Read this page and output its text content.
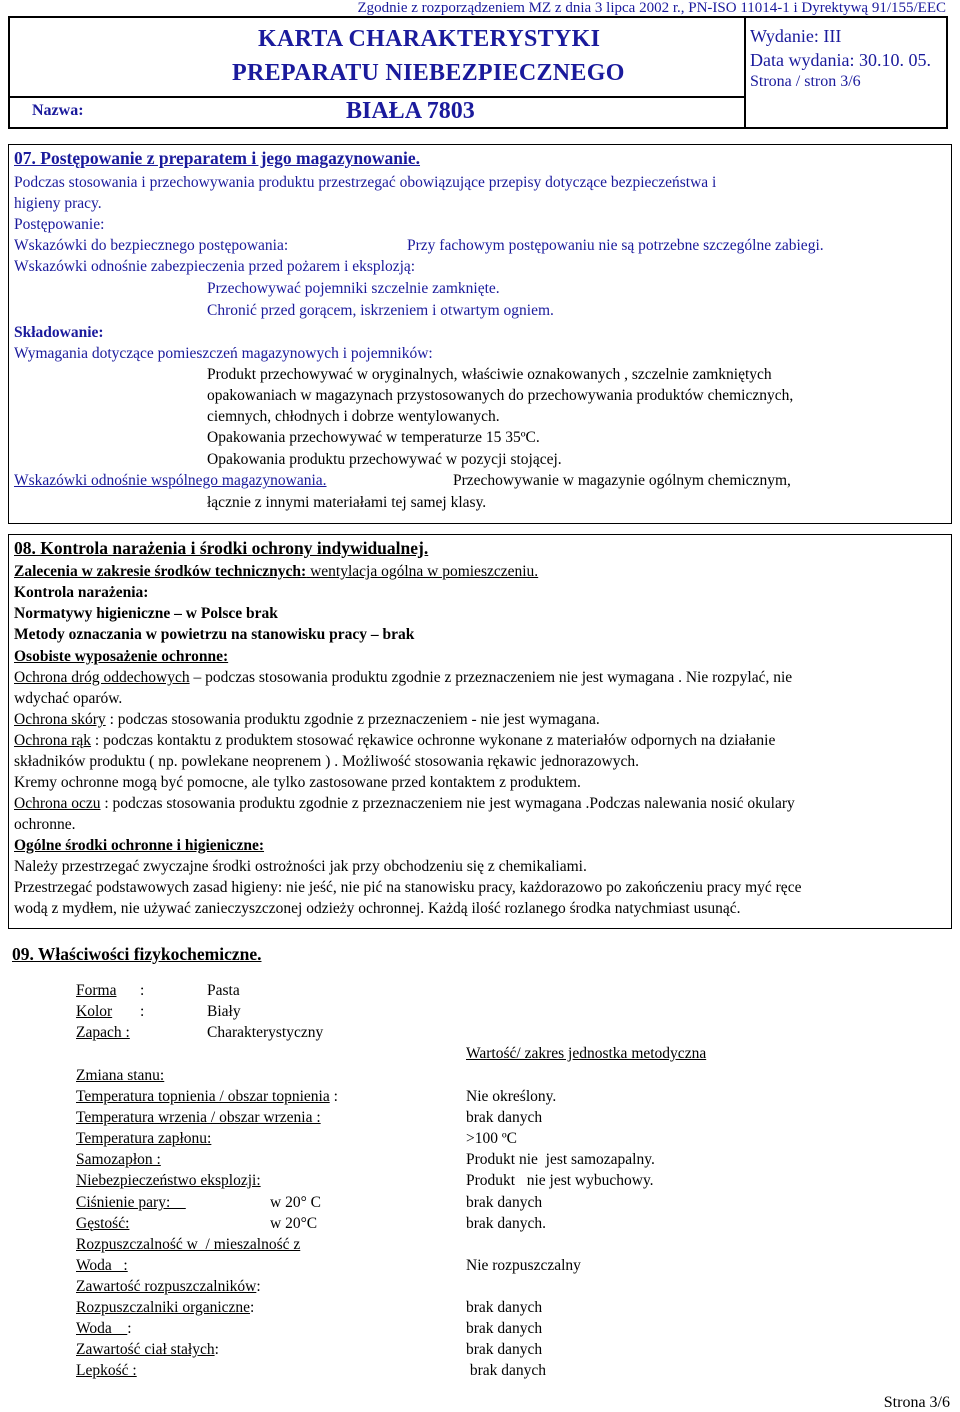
Zgodnie z rozporządzeniem MZ z dnia 3 lipca 2002 r., PN-ISO 11014-1 i Dyrektywą 91/155/EEC
KARTA CHARAKTERYSTYKI
PREPARATU NIEBEZPIECZNEGO
Nazwa:	BIAŁA 7803
Wydanie: III
Data wydania: 30.10. 05.
Strona / stron 3/6
07. Postępowanie z preparatem i jego magazynowanie.
Podczas stosowania i przechowywania produktu przestrzegać obowiązujące przepisy dotyczące bezpieczeństwa i
higieny pracy.
Postępowanie:
Wskazówki do bezpiecznego postępowania:	Przy fachowym postępowaniu nie są potrzebne szczególne zabiegi.
Wskazówki odnośnie zabezpieczenia przed pożarem i eksplozją:
Przechowywać pojemniki szczelnie zamknięte.
Chronić przed gorącem, iskrzeniem i otwartym ogniem.
Składowanie:
Wymagania dotyczące pomieszczeń magazynowych i pojemników:
Produkt przechowywać w oryginalnych, właściwie oznakowanych , szczelnie zamkniętych
opakowaniach w magazynach przystosowanych do przechowywania produktów chemicznych,
ciemnych, chłodnych i dobrze wentylowanych.
Opakowania przechowywać w temperaturze 15 35ºC.
Opakowania produktu przechowywać w pozycji stojącej.
Wskazówki odnośnie wspólnego magazynowania.	Przechowywanie w magazynie ogólnym chemicznym,
łącznie z innymi materiałami tej samej klasy.
08. Kontrola narażenia i środki ochrony indywidualnej.
Zalecenia w zakresie środków technicznych: wentylacja ogólna w pomieszczeniu.
Kontrola narażenia:
Normatywy higieniczne – w Polsce brak
Metody oznaczania w powietrzu na stanowisku pracy – brak
Osobiste wyposażenie ochronne:
Ochrona dróg oddechowych – podczas stosowania produktu zgodnie z przeznaczeniem nie jest wymagana . Nie rozpylać, nie
wdychać oparów.
Ochrona skóry : podczas stosowania produktu zgodnie z przeznaczeniem - nie jest wymagana.
Ochrona rąk : podczas kontaktu z produktem stosować rękawice ochronne wykonane z materiałów odpornych na działanie
składników produktu ( np. powlekane neoprenem ) . Możliwość stosowania rękawic jednorazowych.
Kremy ochronne mogą być pomocne, ale tylko zastosowane przed kontaktem z produktem.
Ochrona oczu : podczas stosowania produktu zgodnie z przeznaczeniem nie jest wymagana .Podczas nalewania nosić okulary
ochronne.
Ogólne środki ochronne i higieniczne:
Należy przestrzegać zwyczajne środki ostrożności jak przy obchodzeniu się z chemikaliami.
Przestrzegać podstawowych zasad higieny: nie jeść, nie pić na stanowisku pracy, każdorazowo po zakończeniu pracy myć ręce
wodą z mydłem, nie używać zanieczyszczonej odzieży ochronnej. Każdą ilość rozlanego środka natychmiast usunąć.
09. Właściwości fizykochemiczne.
Forma :	Pasta
Kolor :	Biały
Zapach :	Charakterystyczny
Wartość/ zakres jednostka metodyczna
Zmiana stanu:
Temperatura topnienia / obszar topnienia :	Nie określony.
Temperatura wrzenia / obszar wrzenia :	brak danych
Temperatura zapłonu:	>100 ºC
Samozapłon :	Produkt nie  jest samozapalny.
Niebezpieczeństwo eksplozji:	Produkt   nie jest wybuchowy.
Ciśnienie pary:	w 20° C	brak danych
Gęstość:	w 20°C	brak danych.
Rozpuszczalność w  / mieszalność z
Woda   :	Nie rozpuszczalny
Zawartość rozpuszczalników:
Rozpuszczalniki organiczne:	brak danych
Woda    :	brak danych
Zawartość ciał stałych:	brak danych
Lepkość :	brak danych
Strona 3/6
